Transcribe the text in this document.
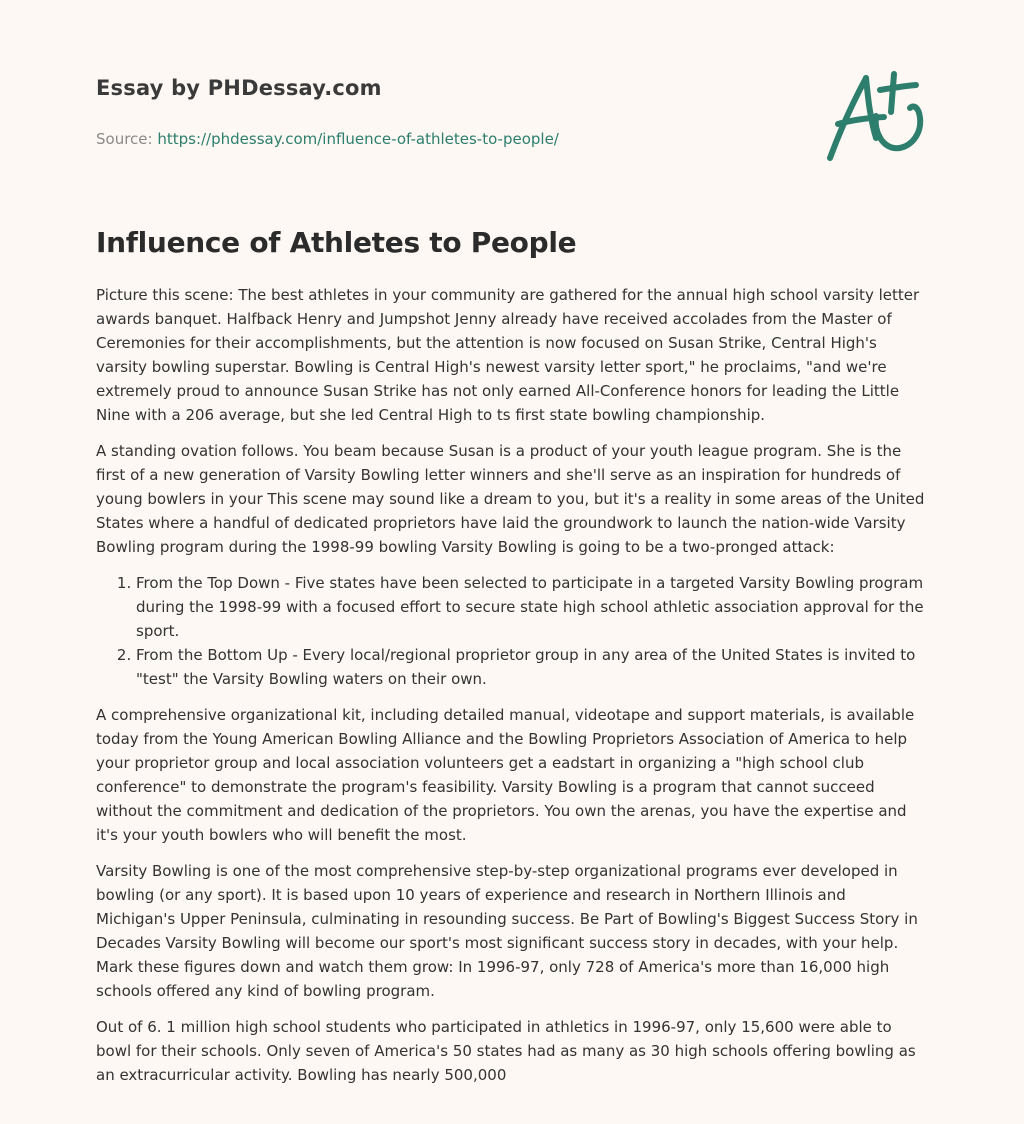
Essay by PHDessay.com
Source: https://phdessay.com/influence-of-athletes-to-people/
Influence of Athletes to People

Picture this scene: The best athletes in your community are gathered for the annual high school varsity letter awards banquet. Halfback Henry and Jumpshot Jenny already have received accolades from the Master of Ceremonies for their accomplishments, but the attention is now focused on Susan Strike, Central High's varsity bowling superstar. Bowling is Central High's newest varsity letter sport," he proclaims, "and we're extremely proud to announce Susan Strike has not only earned All-Conference honors for leading the Little Nine with a 206 average, but she led Central High to ts first state bowling championship.

A standing ovation follows. You beam because Susan is a product of your youth league program. She is the first of a new generation of Varsity Bowling letter winners and she'll serve as an inspiration for hundreds of young bowlers in your This scene may sound like a dream to you, but it's a reality in some areas of the United States where a handful of dedicated proprietors have laid the groundwork to launch the nation-wide Varsity Bowling program during the 1998-99 bowling Varsity Bowling is going to be a two-pronged attack:

1. From the Top Down - Five states have been selected to participate in a targeted Varsity Bowling program during the 1998-99 with a focused effort to secure state high school athletic association approval for the sport.
2. From the Bottom Up - Every local/regional proprietor group in any area of the United States is invited to "test" the Varsity Bowling waters on their own.

A comprehensive organizational kit, including detailed manual, videotape and support materials, is available today from the Young American Bowling Alliance and the Bowling Proprietors Association of America to help your proprietor group and local association volunteers get a eadstart in organizing a "high school club conference" to demonstrate the program's feasibility. Varsity Bowling is a program that cannot succeed without the commitment and dedication of the proprietors. You own the arenas, you have the expertise and it's your youth bowlers who will benefit the most.

Varsity Bowling is one of the most comprehensive step-by-step organizational programs ever developed in bowling (or any sport). It is based upon 10 years of experience and research in Northern Illinois and Michigan's Upper Peninsula, culminating in resounding success. Be Part of Bowling's Biggest Success Story in Decades Varsity Bowling will become our sport's most significant success story in decades, with your help. Mark these figures down and watch them grow: In 1996-97, only 728 of America's more than 16,000 high schools offered any kind of bowling program.

Out of 6. 1 million high school students who participated in athletics in 1996-97, only 15,600 were able to bowl for their schools. Only seven of America's 50 states had as many as 30 high schools offering bowling as an extracurricular activity. Bowling has nearly 500,000
